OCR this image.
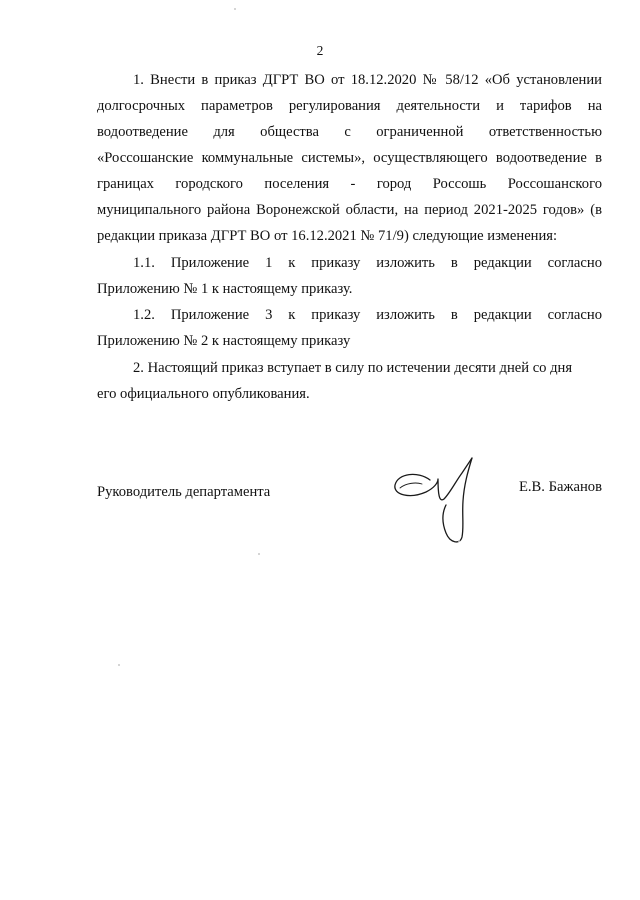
2
1. Внести в приказ ДГРТ ВО от 18.12.2020 № 58/12 «Об установлении
долгосрочных параметров регулирования деятельности и тарифов на
водоотведение для общества с ограниченной ответственностью
«Россошанские коммунальные системы», осуществляющего водоотведение в
границах городского поселения - город Россошь Россошанского
муниципального района Воронежской области, на период 2021-2025 годов» (в
редакции приказа ДГРТ ВО от 16.12.2021 № 71/9) следующие изменения:
1.1. Приложение 1 к приказу изложить в редакции согласно
Приложению № 1 к настоящему приказу.
1.2. Приложение 3 к приказу изложить в редакции согласно
Приложению № 2 к настоящему приказу
2. Настоящий приказ вступает в силу по истечении десяти дней со дня
его официального опубликования.
Руководитель департамента	Е.В. Бажанов
